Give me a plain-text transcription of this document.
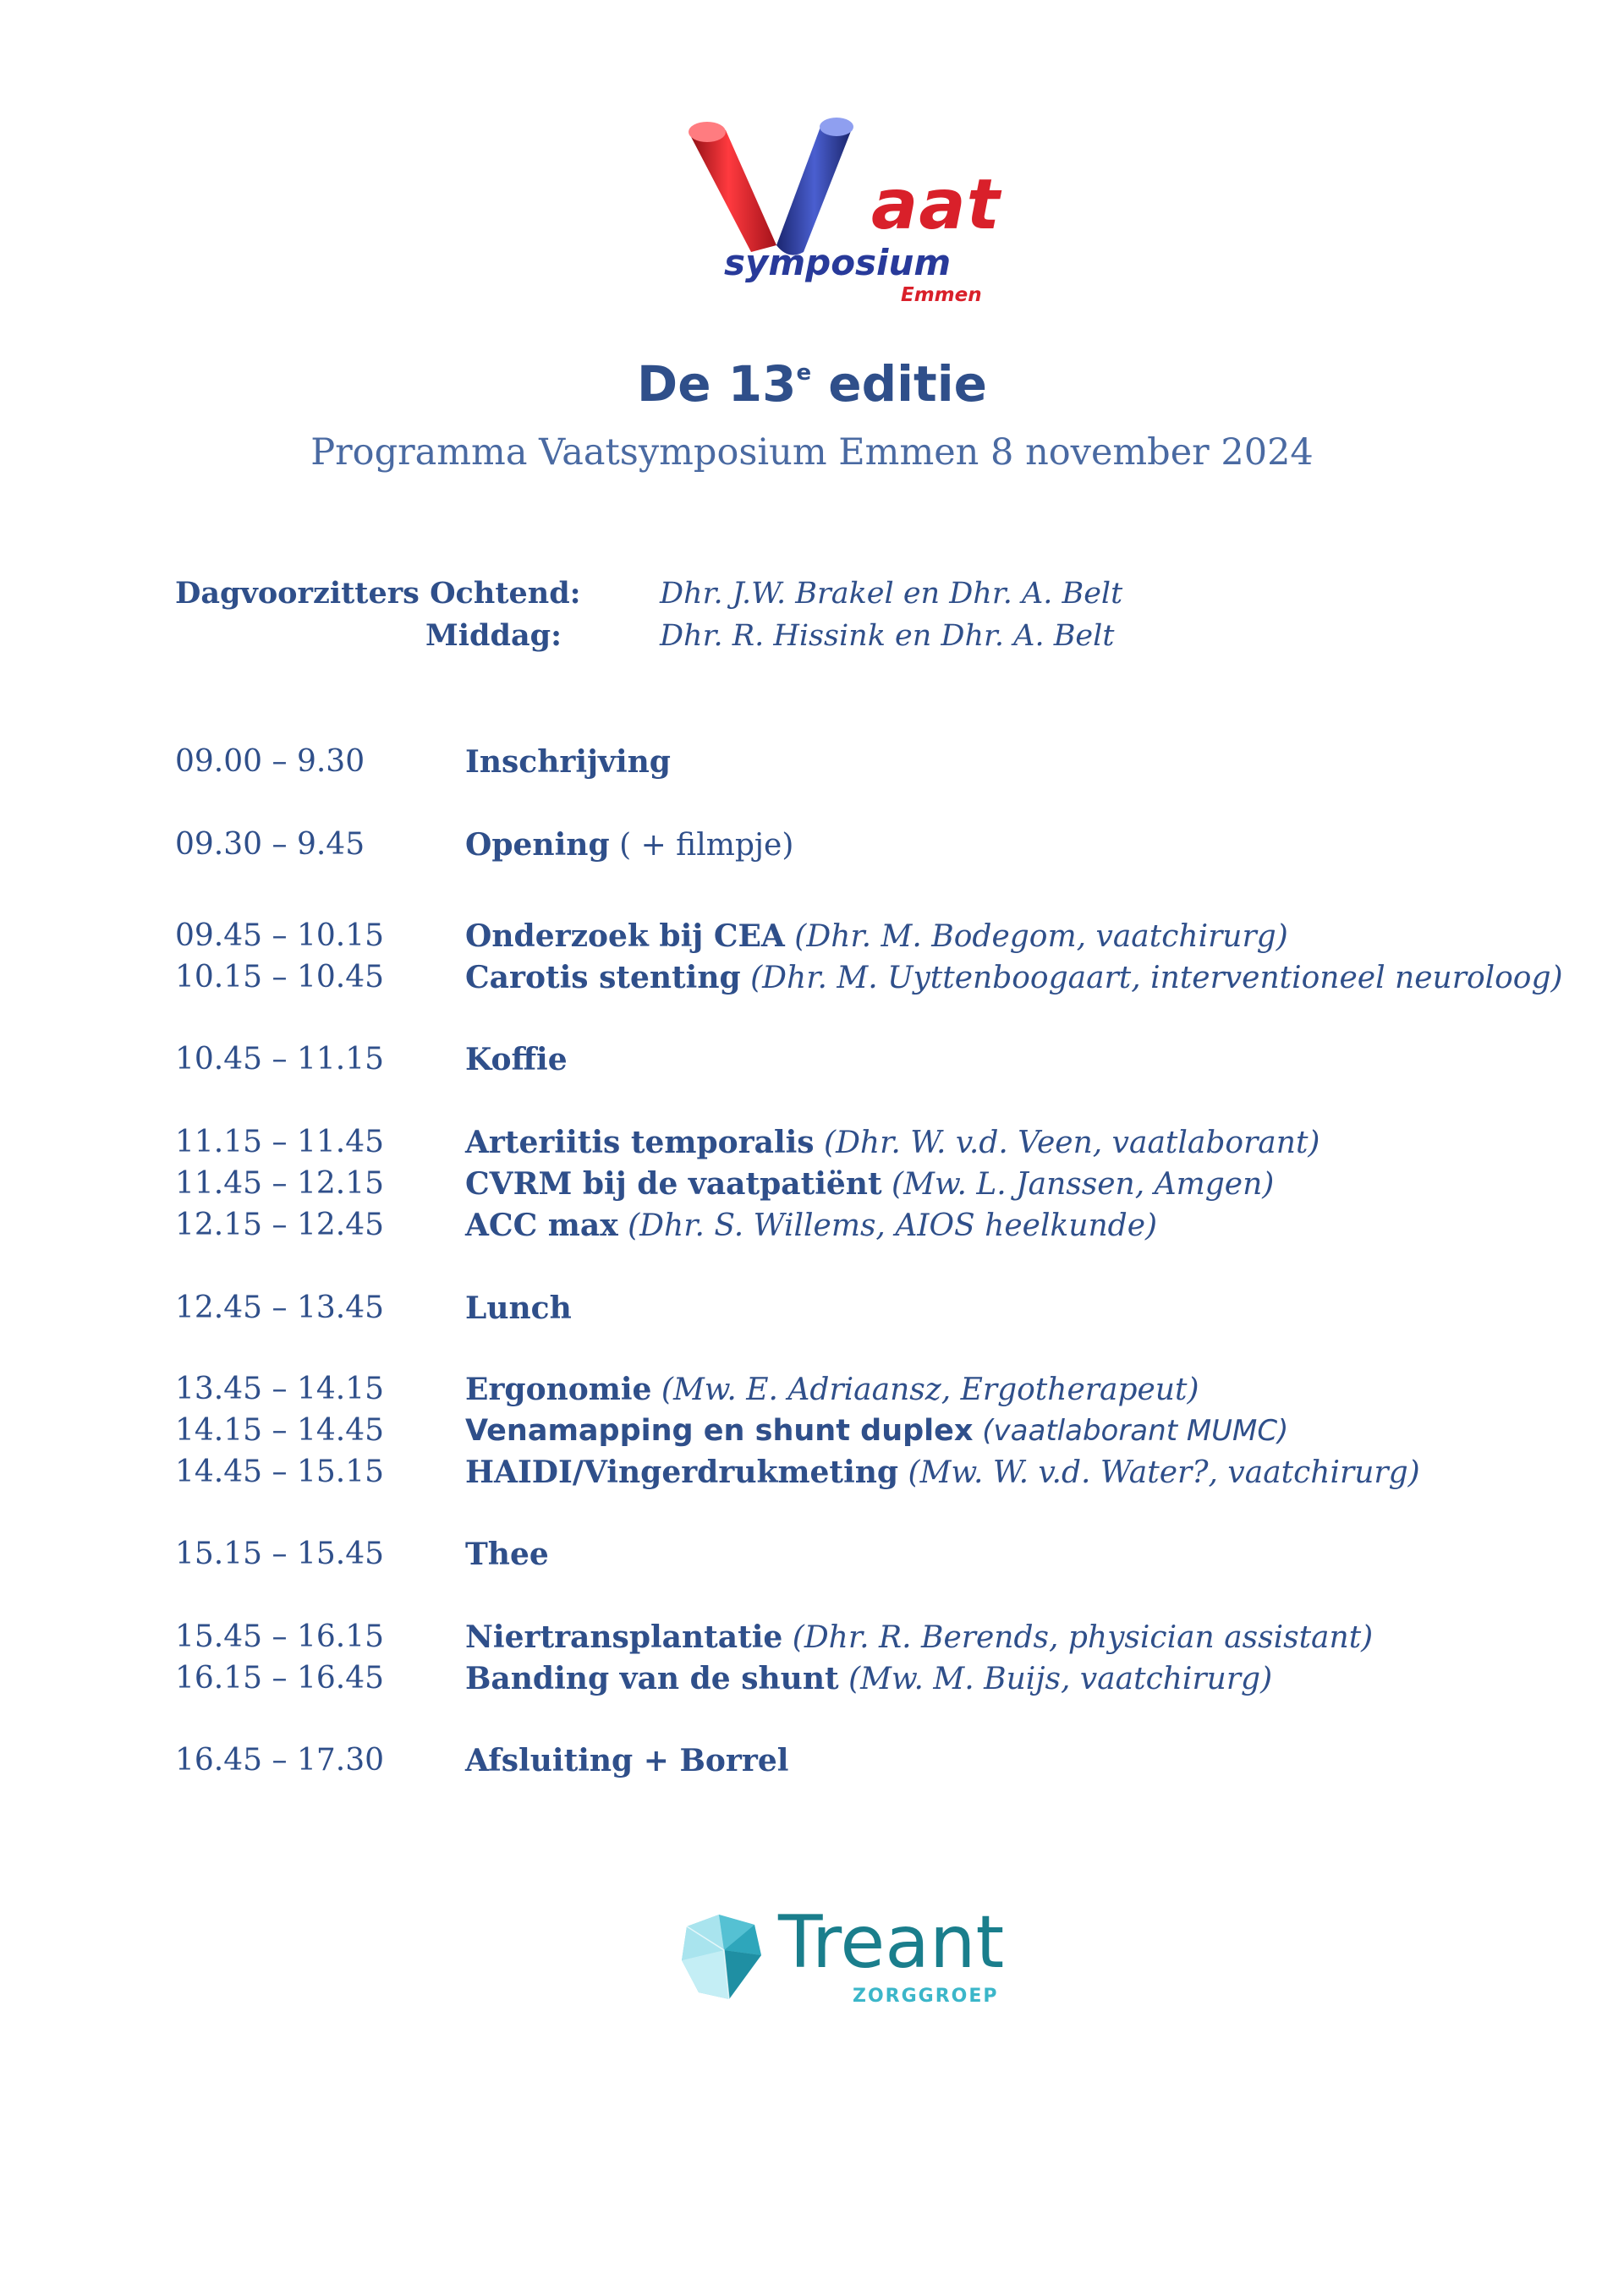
aat
symposium
Emmen
De 13e editie
Programma Vaatsymposium Emmen 8 november 2024
Dagvoorzitters Ochtend:	Dhr. J.W. Brakel en Dhr. A. Belt
Middag:	Dhr. R. Hissink en Dhr. A. Belt
09.00 – 9.30	Inschrijving
09.30 – 9.45	Opening ( + filmpje)
09.45 – 10.15	Onderzoek bij CEA (Dhr. M. Bodegom, vaatchirurg)
10.15 – 10.45	Carotis stenting (Dhr. M. Uyttenboogaart, interventioneel neuroloog)
10.45 – 11.15	Koffie
11.15 – 11.45	Arteriitis temporalis (Dhr. W. v.d. Veen, vaatlaborant)
11.45 – 12.15	CVRM bij de vaatpatiënt (Mw. L. Janssen, Amgen)
12.15 – 12.45	ACC max (Dhr. S. Willems, AIOS heelkunde)
12.45 – 13.45	Lunch
13.45 – 14.15	Ergonomie (Mw. E. Adriaansz, Ergotherapeut)
14.15 – 14.45	Venamapping en shunt duplex (vaatlaborant MUMC)
14.45 – 15.15	HAIDI/Vingerdrukmeting (Mw. W. v.d. Water?, vaatchirurg)
15.15 – 15.45	Thee
15.45 – 16.15	Niertransplantatie (Dhr. R. Berends, physician assistant)
16.15 – 16.45	Banding van de shunt (Mw. M. Buijs, vaatchirurg)
16.45 – 17.30	Afsluiting + Borrel
Treant
ZORGGROEP
